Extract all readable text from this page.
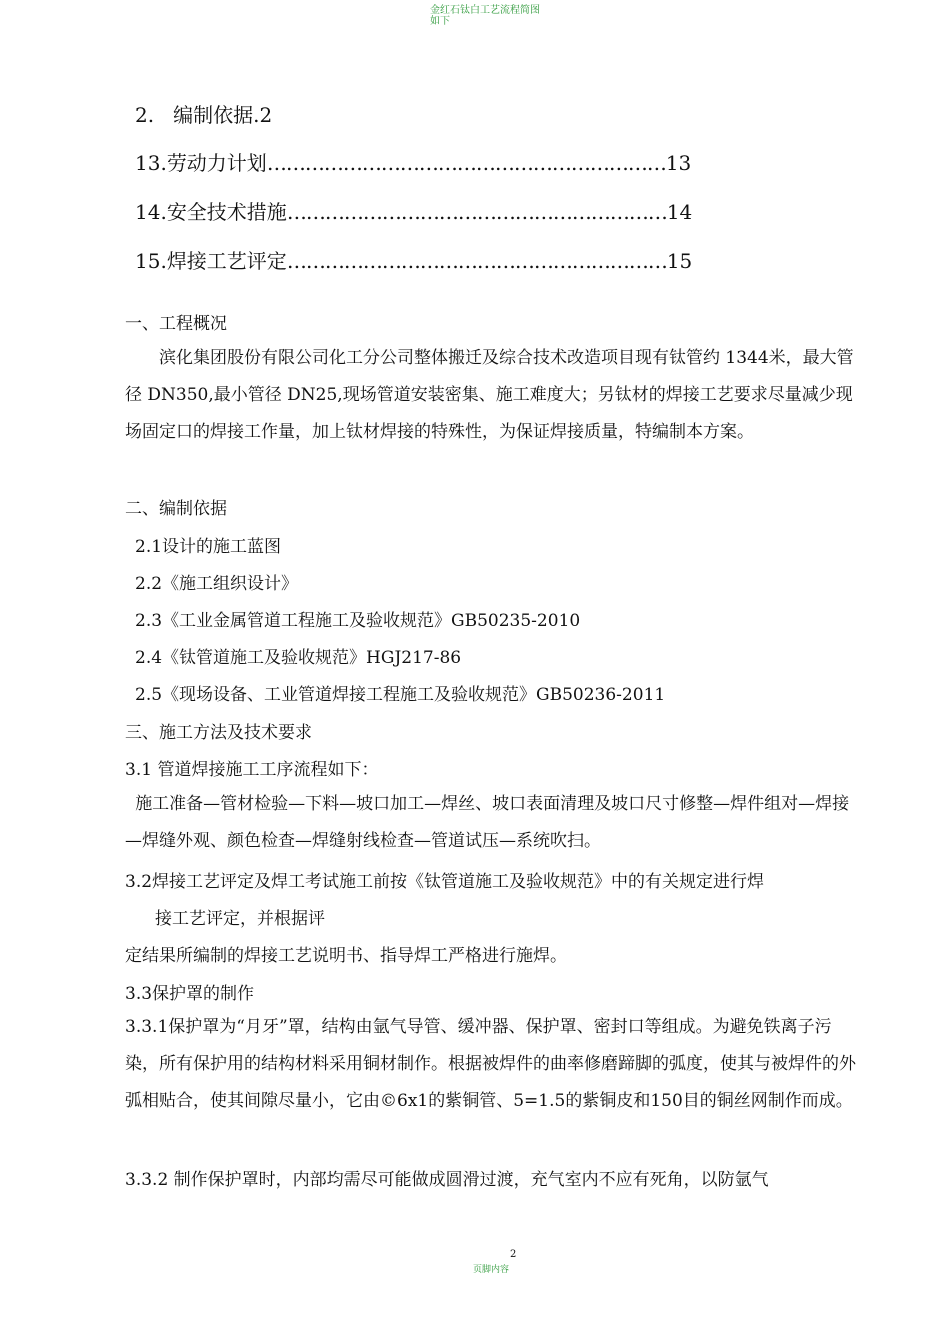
金红石钛白工艺流程简图
如下
2. 编制依据.2
13.劳动力计划………………………………………………………13
14.安全技术措施……………………………………………………14
15.焊接工艺评定……………………………………………………15
一、工程概况
滨化集团股份有限公司化工分公司整体搬迁及综合技术改造项目现有钛管约 1344米，最大管径 DN350,最小管径 DN25,现场管道安装密集、施工难度大；另钛材的焊接工艺要求尽量减少现场固定口的焊接工作量，加上钛材焊接的特殊性，为保证焊接质量，特编制本方案。
二、编制依据
2.1设计的施工蓝图
2.2《施工组织设计》
2.3《工业金属管道工程施工及验收规范》GB50235-2010
2.4《钛管道施工及验收规范》HGJ217-86
2.5《现场设备、工业管道焊接工程施工及验收规范》GB50236-2011
三、施工方法及技术要求
3.1 管道焊接施工工序流程如下：
施工准备—管材检验—下料—坡口加工—焊丝、坡口表面清理及坡口尺寸修整—焊件组对—焊接—焊缝外观、颜色检查—焊缝射线检查—管道试压—系统吹扫。
3.2焊接工艺评定及焊工考试施工前按《钛管道施工及验收规范》中的有关规定进行焊
接工艺评定，并根据评
定结果所编制的焊接工艺说明书、指导焊工严格进行施焊。
3.3保护罩的制作
3.3.1保护罩为“月牙”罩，结构由氩气导管、缓冲器、保护罩、密封口等组成。为避免铁离子污染，所有保护用的结构材料采用铜材制作。根据被焊件的曲率修磨蹄脚的弧度，使其与被焊件的外弧相贴合，使其间隙尽量小，它由©6x1的紫铜管、5=1.5的紫铜皮和150目的铜丝网制作而成。
3.3.2 制作保护罩时，内部均需尽可能做成圆滑过渡，充气室内不应有死角，以防氩气
2
页脚内容
